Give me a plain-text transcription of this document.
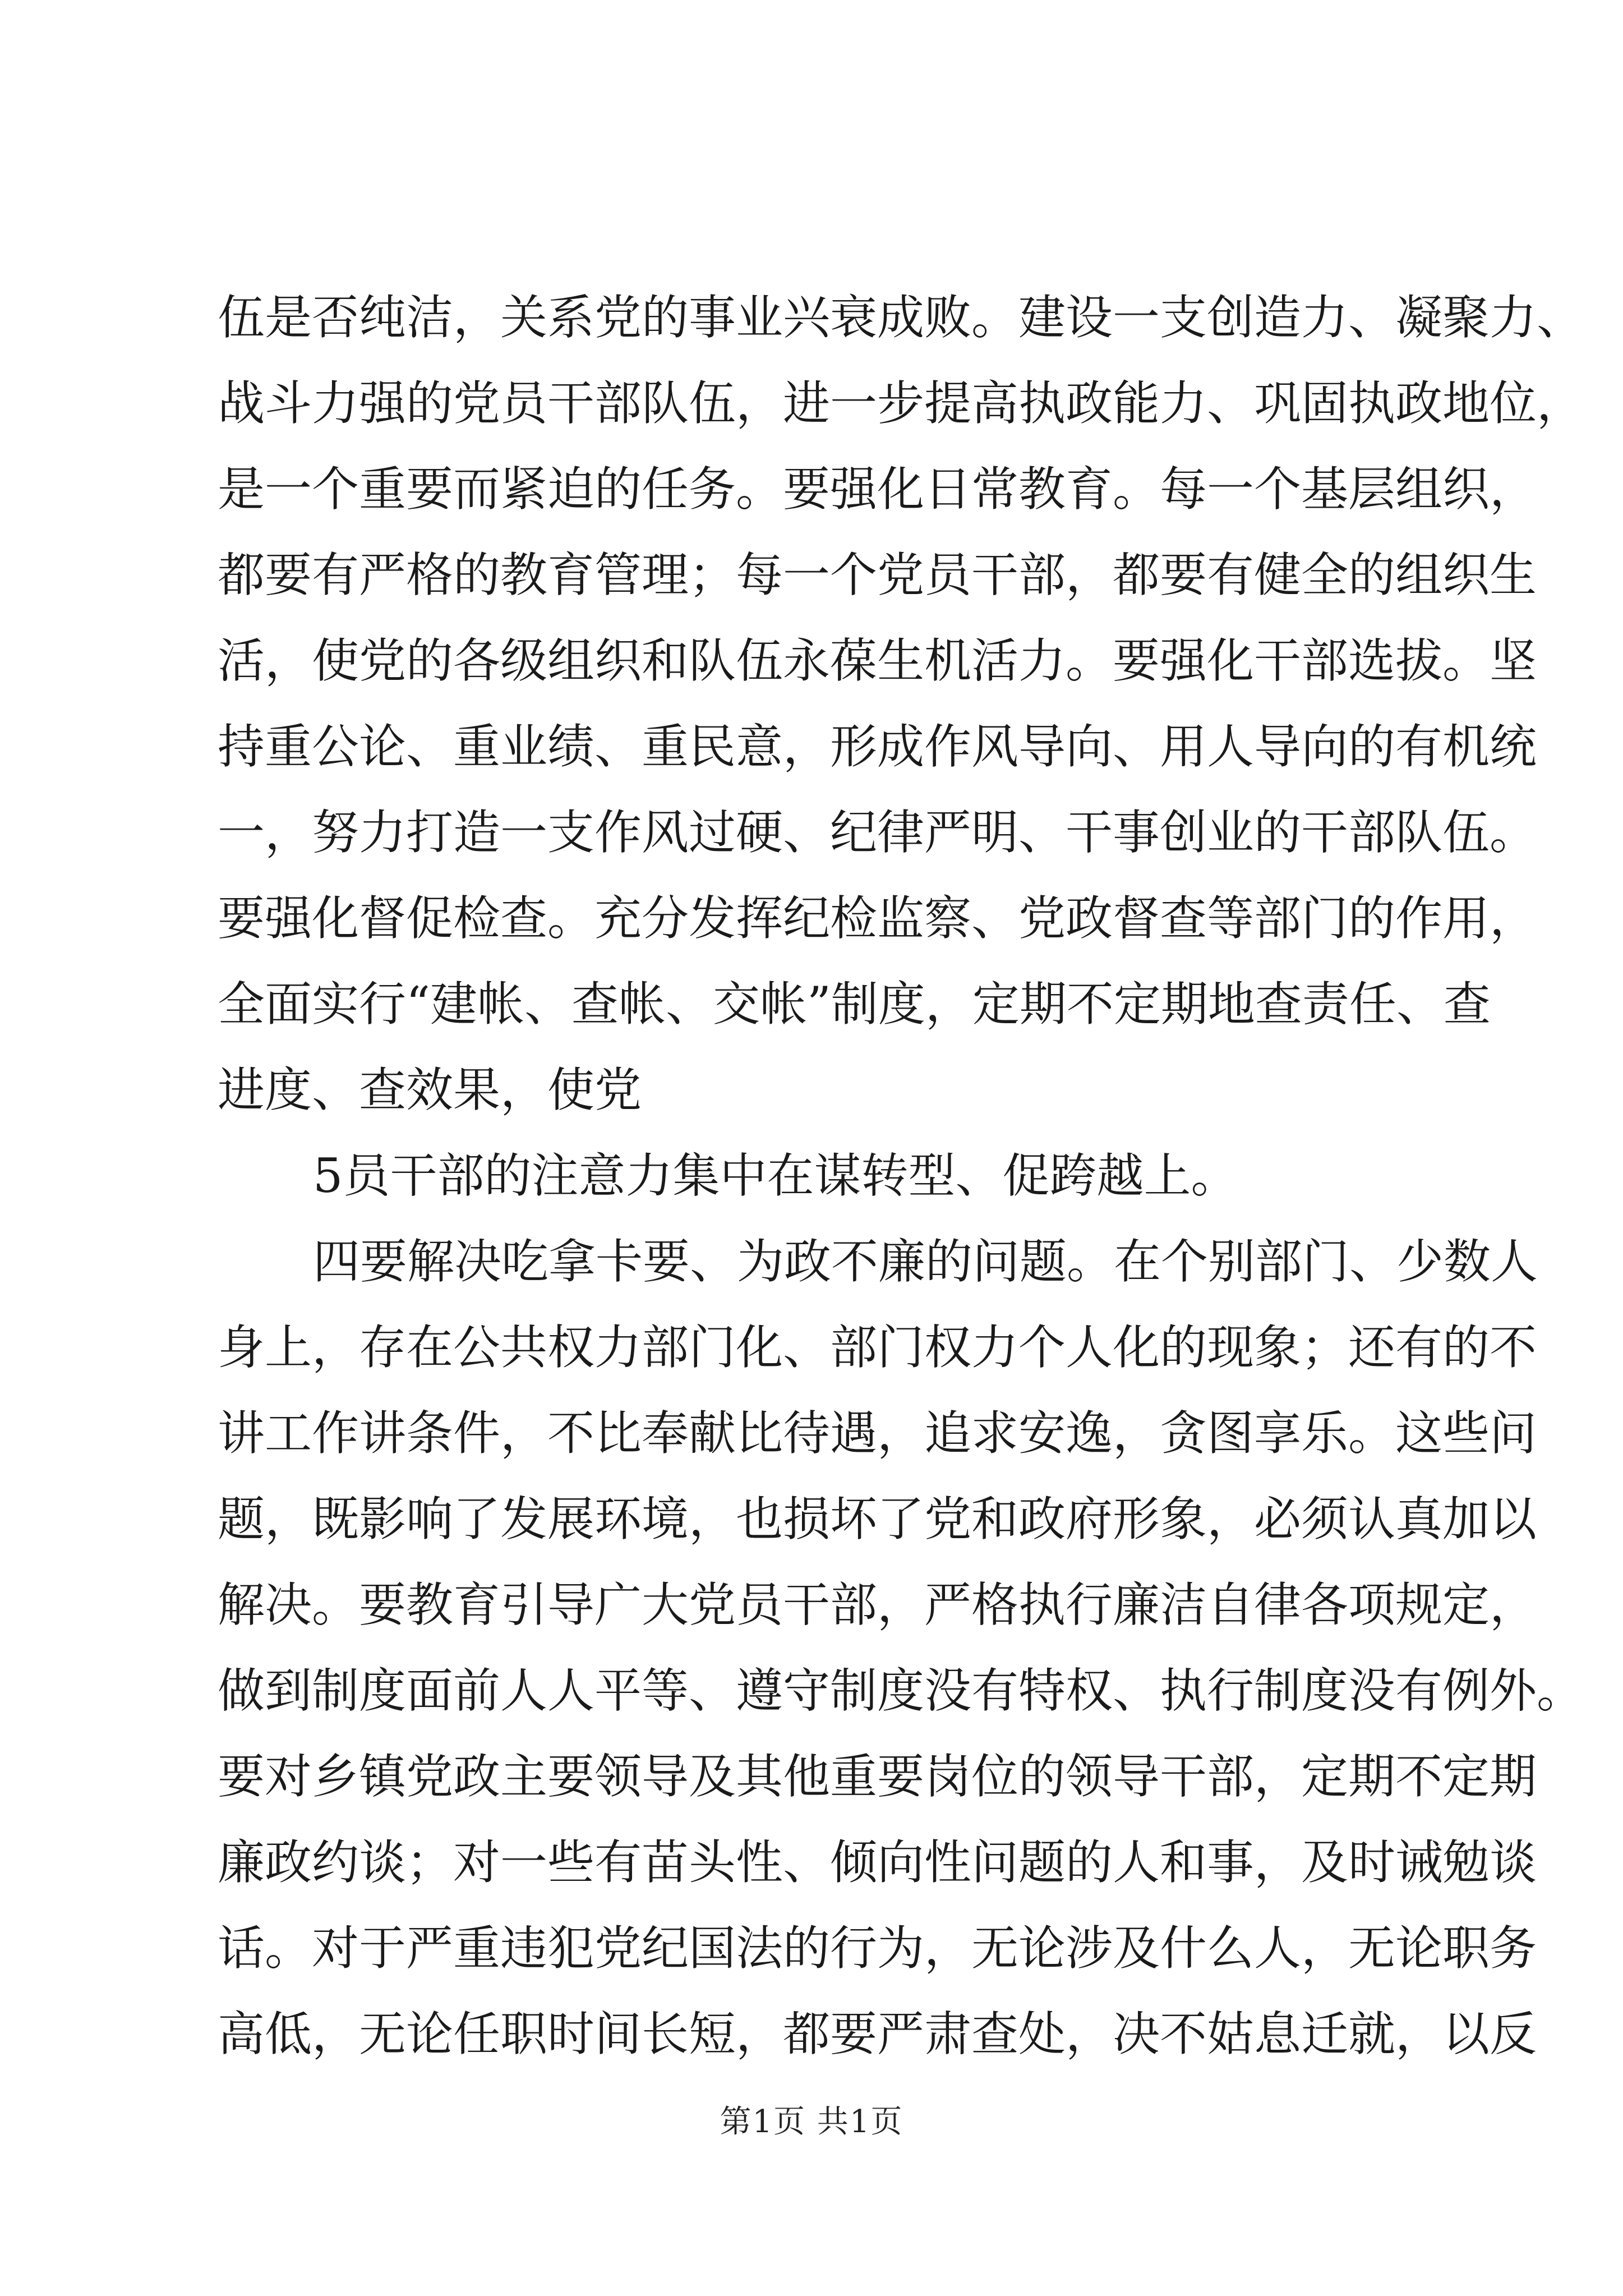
伍是否纯洁，关系党的事业兴衰成败。建设一支创造力、凝聚力、
战斗力强的党员干部队伍，进一步提高执政能力、巩固执政地位，
是一个重要而紧迫的任务。要强化日常教育。每一个基层组织，
都要有严格的教育管理；每一个党员干部，都要有健全的组织生
活，使党的各级组织和队伍永葆生机活力。要强化干部选拔。坚
持重公论、重业绩、重民意，形成作风导向、用人导向的有机统
一，努力打造一支作风过硬、纪律严明、干事创业的干部队伍。
要强化督促检查。充分发挥纪检监察、党政督查等部门的作用，
全面实行“建帐、查帐、交帐”制度，定期不定期地查责任、查
进度、查效果，使党
5员干部的注意力集中在谋转型、促跨越上。
四要解决吃拿卡要、为政不廉的问题。在个别部门、少数人
身上，存在公共权力部门化、部门权力个人化的现象；还有的不
讲工作讲条件，不比奉献比待遇，追求安逸，贪图享乐。这些问
题，既影响了发展环境，也损坏了党和政府形象，必须认真加以
解决。要教育引导广大党员干部，严格执行廉洁自律各项规定，
做到制度面前人人平等、遵守制度没有特权、执行制度没有例外。
要对乡镇党政主要领导及其他重要岗位的领导干部，定期不定期
廉政约谈；对一些有苗头性、倾向性问题的人和事，及时诫勉谈
话。对于严重违犯党纪国法的行为，无论涉及什么人，无论职务
高低，无论任职时间长短，都要严肃查处，决不姑息迁就，以反
第1页 共1页
